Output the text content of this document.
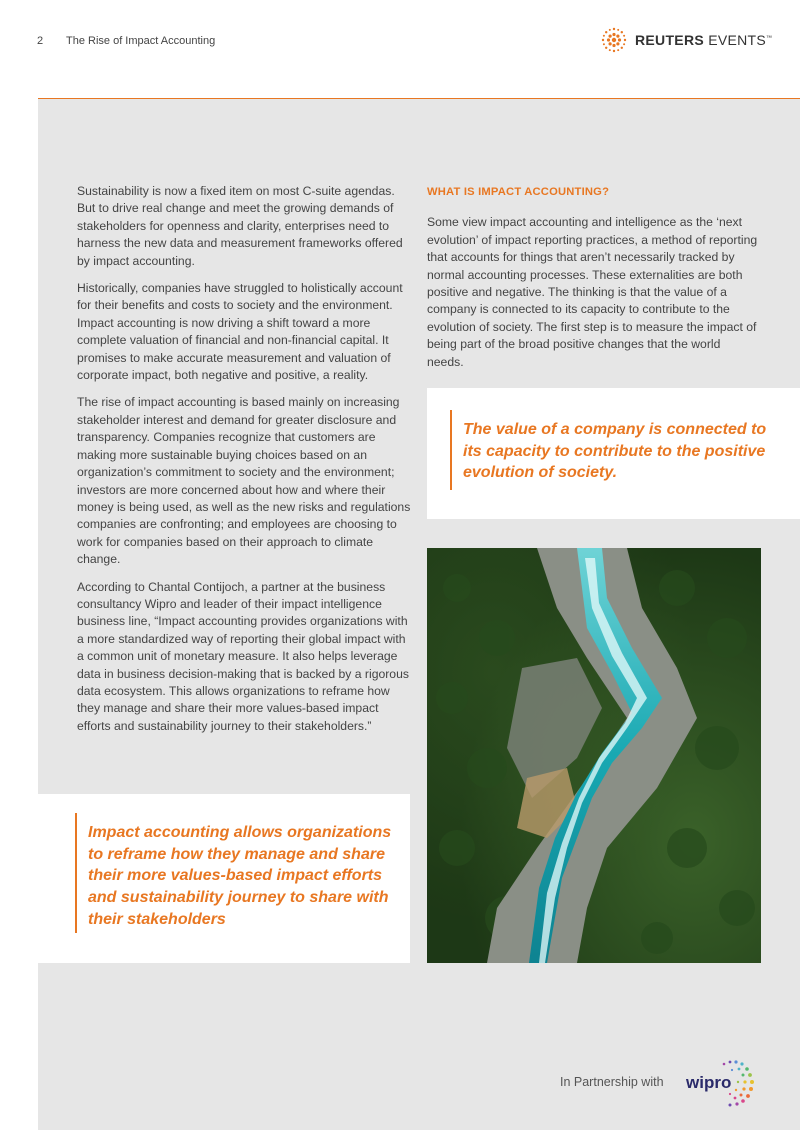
2 The Rise of Impact Accounting	REUTERS EVENTS™

Sustainability is now a fixed item on most C-suite agendas. But to drive real change and meet the growing demands of stakeholders for openness and clarity, enterprises need to harness the new data and measurement frameworks offered by impact accounting.

Historically, companies have struggled to holistically account for their benefits and costs to society and the environment. Impact accounting is now driving a shift toward a more complete valuation of financial and non-financial capital. It promises to make accurate measurement and valuation of corporate impact, both negative and positive, a reality.

The rise of impact accounting is based mainly on increasing stakeholder interest and demand for greater disclosure and transparency. Companies recognize that customers are making more sustainable buying choices based on an organization’s commitment to society and the environment; investors are more concerned about how and where their money is being used, as well as the new risks and regulations companies are confronting; and employees are choosing to work for companies based on their approach to climate change.

According to Chantal Contijoch, a partner at the business consultancy Wipro and leader of their impact intelligence business line, “Impact accounting provides organizations with a more standardized way of reporting their global impact with a common unit of monetary measure. It also helps leverage data in business decision-making that is backed by a rigorous data ecosystem. This allows organizations to reframe how they manage and share their more values-based impact efforts and sustainability journey to their stakeholders.”

WHAT IS IMPACT ACCOUNTING?

Some view impact accounting and intelligence as the ‘next evolution’ of impact reporting practices, a method of reporting that accounts for things that aren’t necessarily tracked by normal accounting processes. These externalities are both positive and negative. The thinking is that the value of a company is connected to its capacity to contribute to the evolution of society. The first step is to measure the impact of being part of the broad positive changes that the world needs.

The value of a company is connected to its capacity to contribute to the positive evolution of society.

Impact accounting allows organizations to reframe how they manage and share their more values-based impact efforts and sustainability journey to share with their stakeholders

In Partnership with wipro
